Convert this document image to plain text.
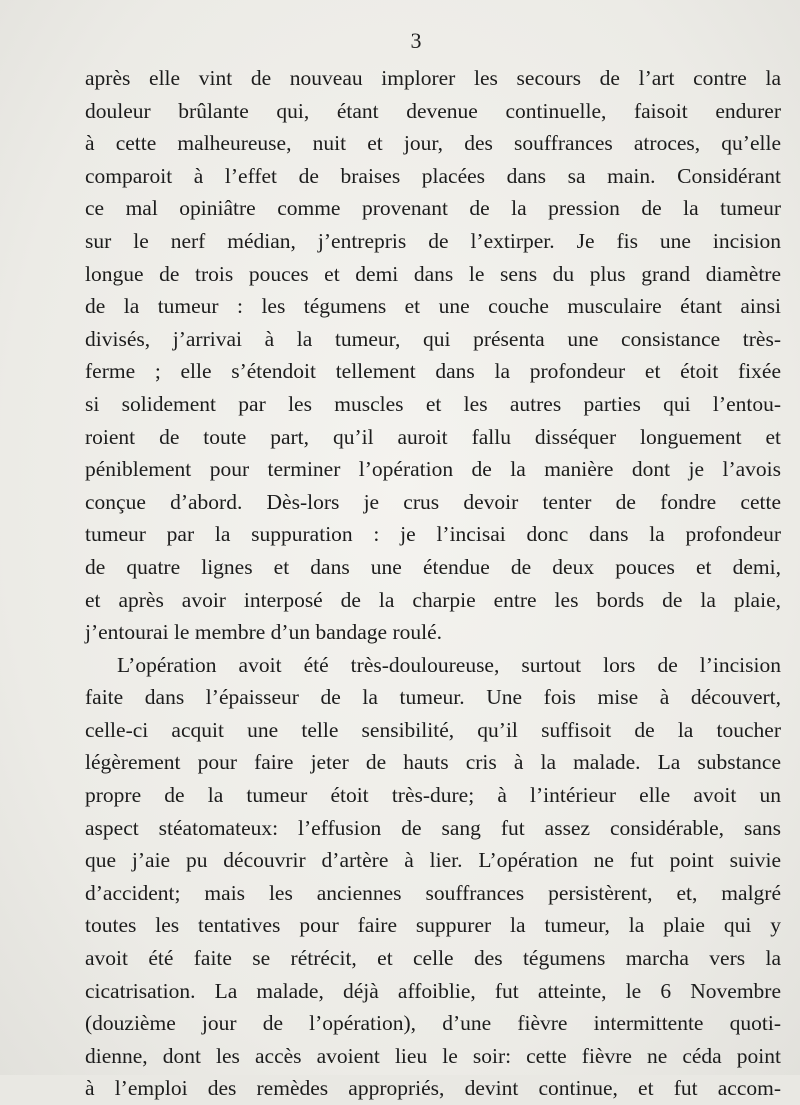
3
après elle vint de nouveau implorer les secours de l’art contre la
douleur brûlante qui, étant devenue continuelle, faisoit endurer
à cette malheureuse, nuit et jour, des souffrances atroces, qu’elle
comparoit à l’effet de braises placées dans sa main. Considérant
ce mal opiniâtre comme provenant de la pression de la tumeur
sur le nerf médian, j’entrepris de l’extirper. Je fis une incision
longue de trois pouces et demi dans le sens du plus grand diamètre
de la tumeur : les tégumens et une couche musculaire étant ainsi
divisés, j’arrivai à la tumeur, qui présenta une consistance très-
ferme ; elle s’étendoit tellement dans la profondeur et étoit fixée
si solidement par les muscles et les autres parties qui l’entou-
roient de toute part, qu’il auroit fallu disséquer longuement et
péniblement pour terminer l’opération de la manière dont je l’avois
conçue d’abord. Dès-lors je crus devoir tenter de fondre cette
tumeur par la suppuration : je l’incisai donc dans la profondeur
de quatre lignes et dans une étendue de deux pouces et demi,
et après avoir interposé de la charpie entre les bords de la plaie,
j’entourai le membre d’un bandage roulé.
L’opération avoit été très-douloureuse, surtout lors de l’incision
faite dans l’épaisseur de la tumeur. Une fois mise à découvert,
celle-ci acquit une telle sensibilité, qu’il suffisoit de la toucher
légèrement pour faire jeter de hauts cris à la malade. La substance
propre de la tumeur étoit très-dure; à l’intérieur elle avoit un
aspect stéatomateux: l’effusion de sang fut assez considérable, sans
que j’aie pu découvrir d’artère à lier. L’opération ne fut point suivie
d’accident; mais les anciennes souffrances persistèrent, et, malgré
toutes les tentatives pour faire suppurer la tumeur, la plaie qui y
avoit été faite se rétrécit, et celle des tégumens marcha vers la
cicatrisation. La malade, déjà affoiblie, fut atteinte, le 6 Novembre
(douzième jour de l’opération), d’une fièvre intermittente quoti-
dienne, dont les accès avoient lieu le soir: cette fièvre ne céda point
à l’emploi des remèdes appropriés, devint continue, et fut accom-
